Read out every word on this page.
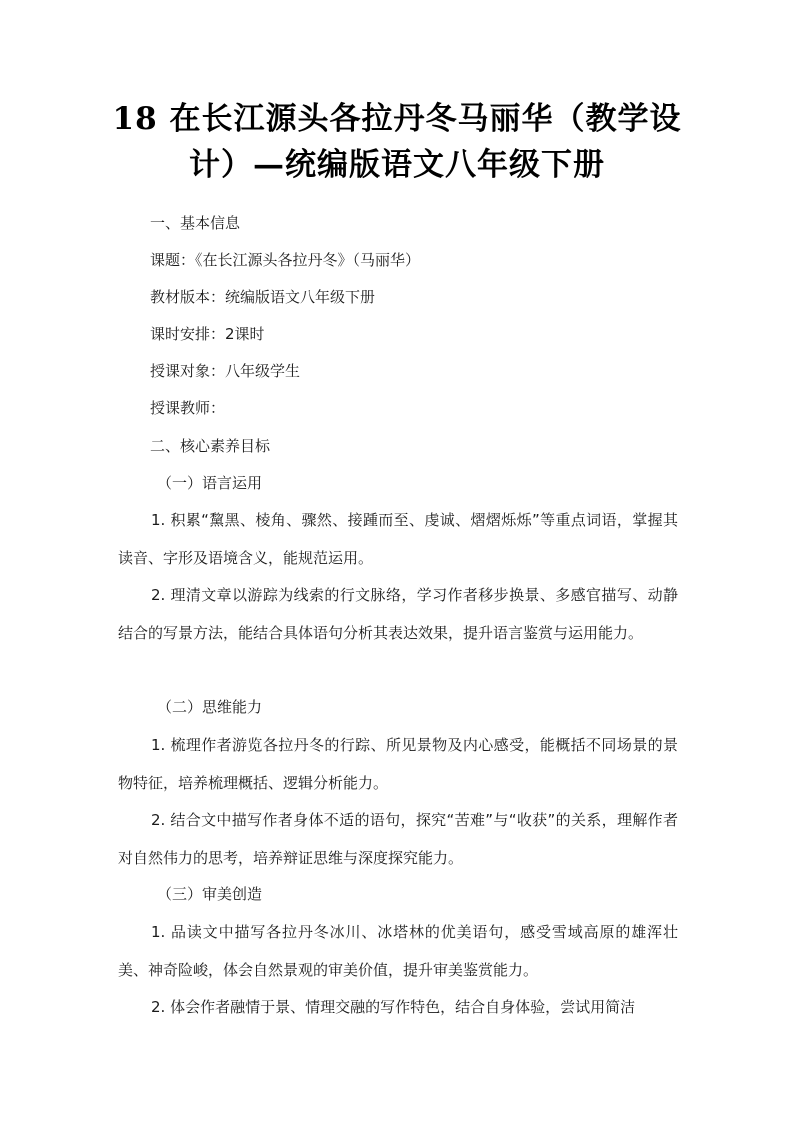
18 在长江源头各拉丹冬马丽华（教学设计）—统编版语文八年级下册
一、基本信息
课题：《在长江源头各拉丹冬》（马丽华）
教材版本：统编版语文八年级下册
课时安排：2课时
授课对象：八年级学生
授课教师：
二、核心素养目标
（一）语言运用
1. 积累“黧黑、棱角、骤然、接踵而至、虔诚、熠熠烁烁”等重点词语，掌握其读音、字形及语境含义，能规范运用。
2. 理清文章以游踪为线索的行文脉络，学习作者移步换景、多感官描写、动静结合的写景方法，能结合具体语句分析其表达效果，提升语言鉴赏与运用能力。
（二）思维能力
1. 梳理作者游览各拉丹冬的行踪、所见景物及内心感受，能概括不同场景的景物特征，培养梳理概括、逻辑分析能力。
2. 结合文中描写作者身体不适的语句，探究“苦难”与“收获”的关系，理解作者对自然伟力的思考，培养辩证思维与深度探究能力。
（三）审美创造
1. 品读文中描写各拉丹冬冰川、冰塔林的优美语句，感受雪域高原的雄浑壮美、神奇险峻，体会自然景观的审美价值，提升审美鉴赏能力。
2. 体会作者融情于景、情理交融的写作特色，结合自身体验，尝试用简洁
